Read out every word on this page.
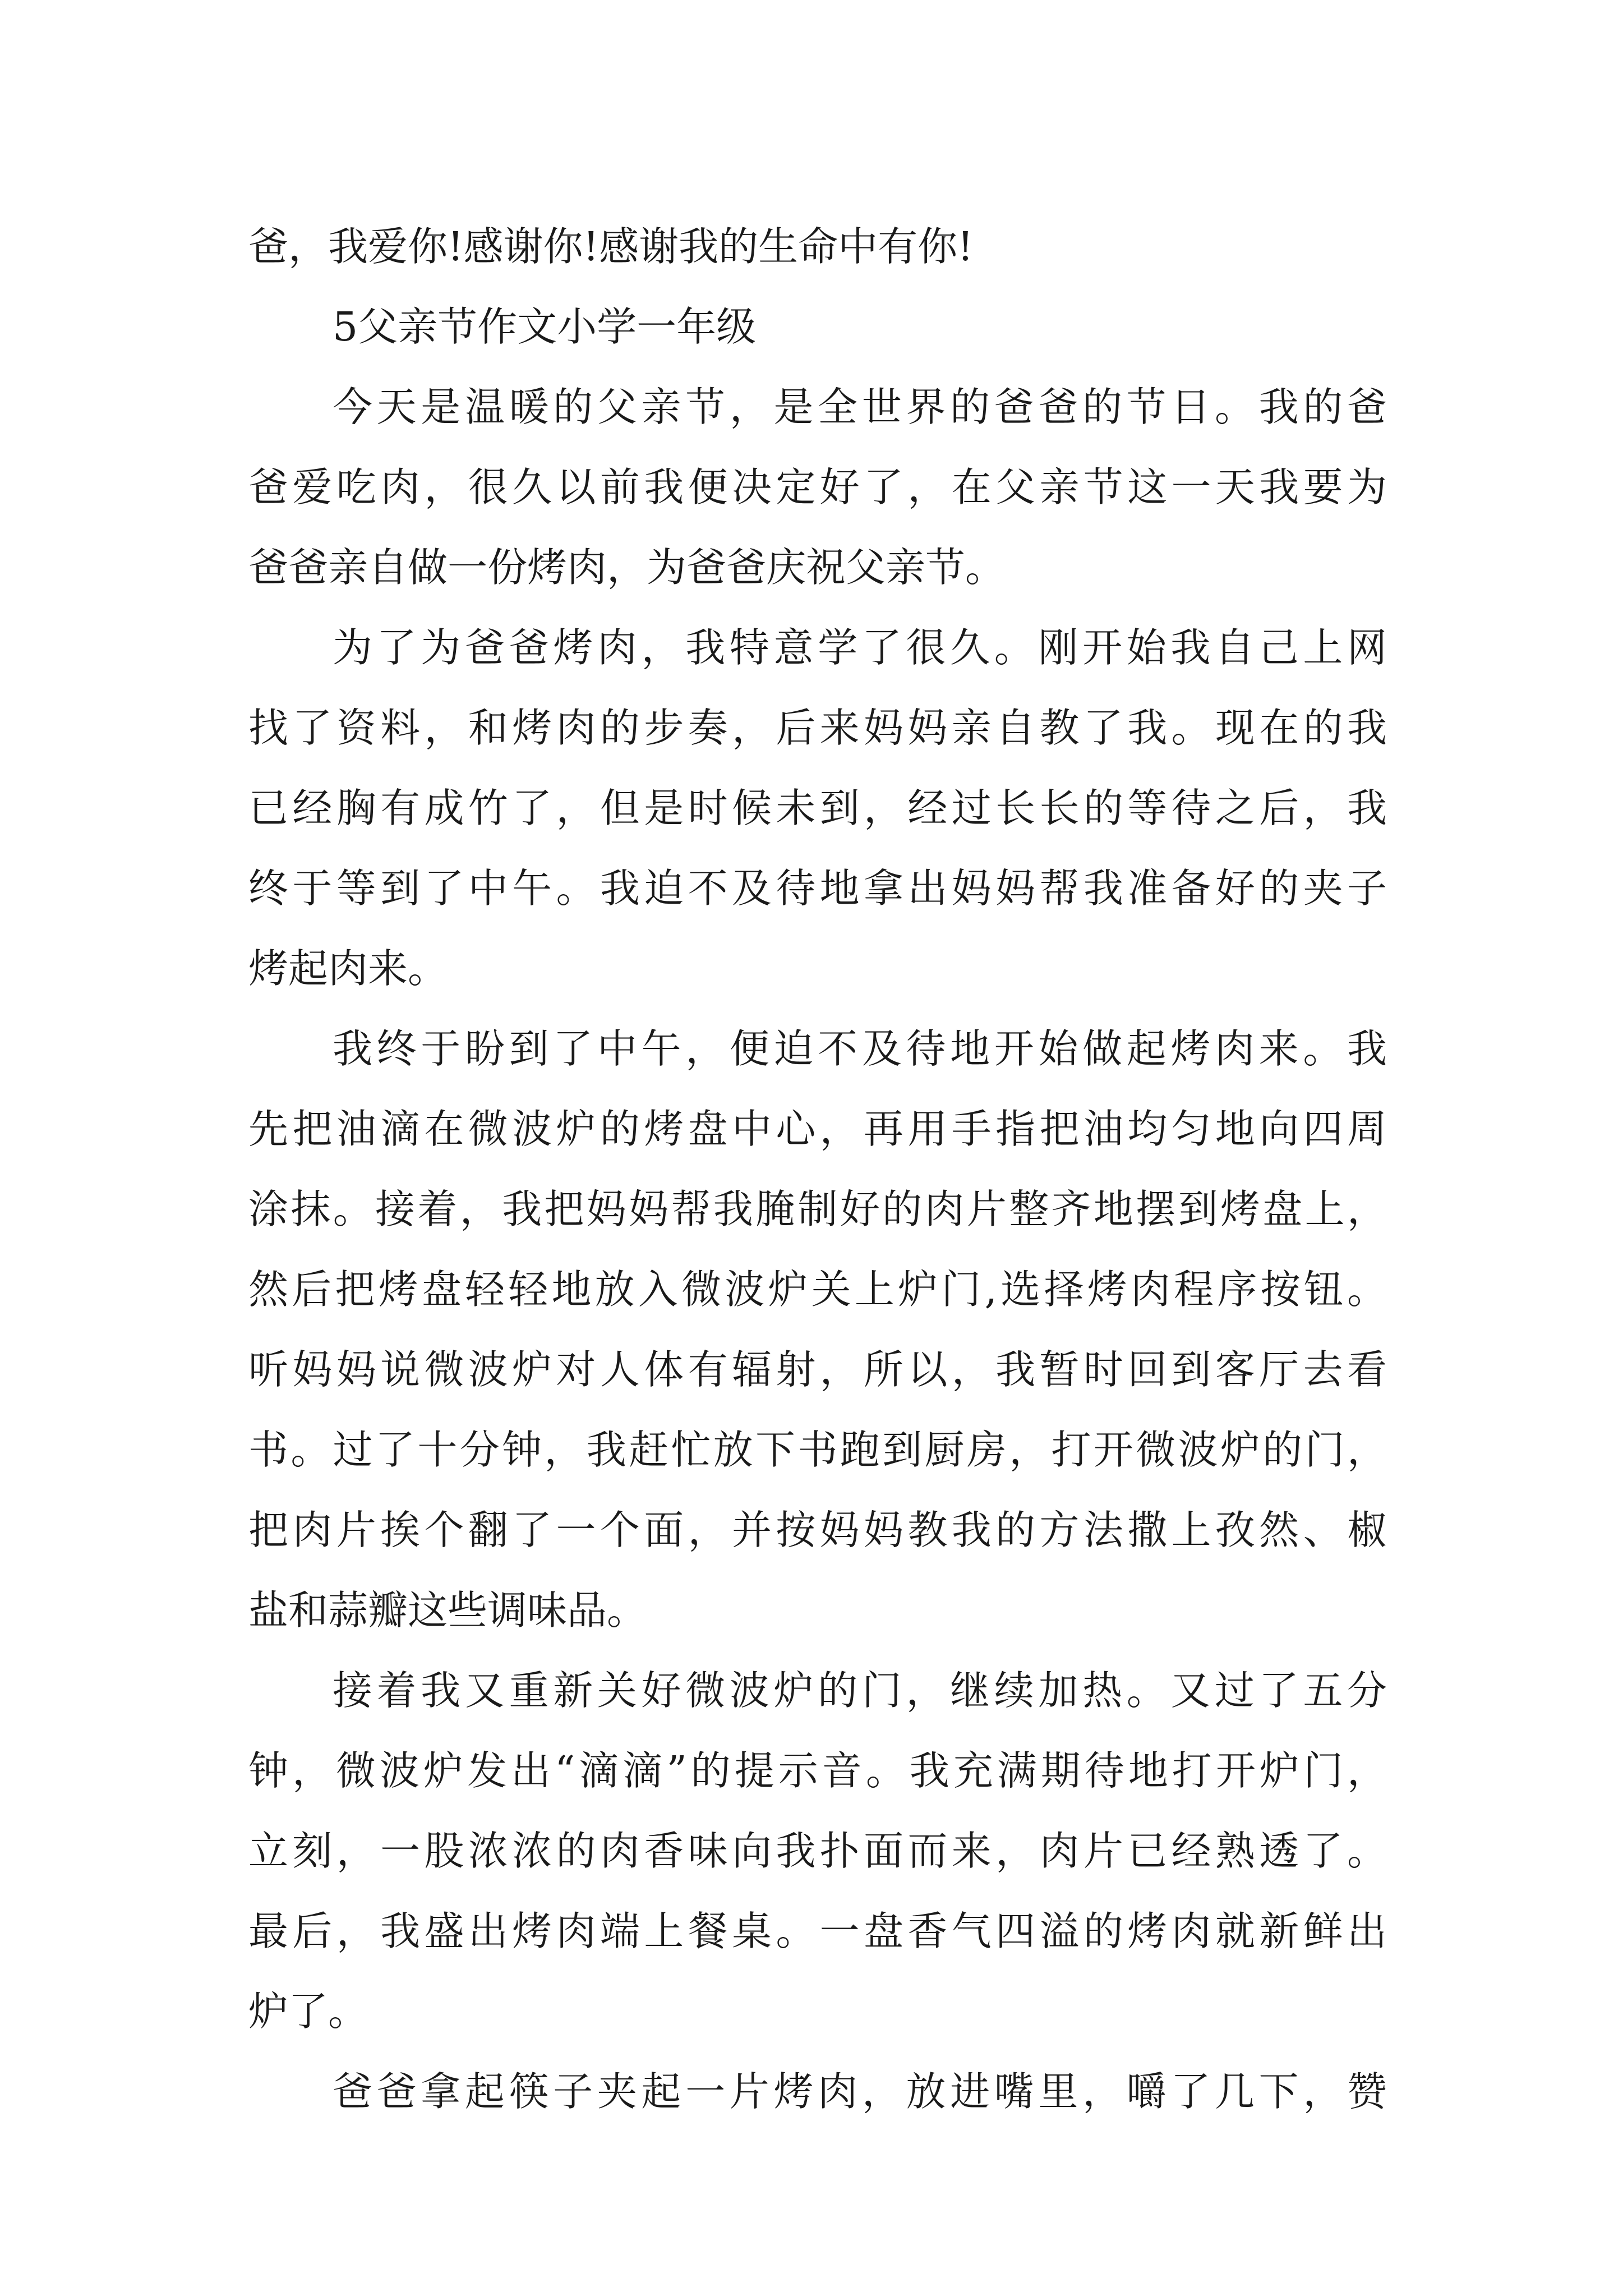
爸，我爱你!感谢你!感谢我的生命中有你!
5父亲节作文小学一年级
今天是温暖的父亲节，是全世界的爸爸的节日。我的爸
爸爱吃肉，很久以前我便决定好了，在父亲节这一天我要为
爸爸亲自做一份烤肉，为爸爸庆祝父亲节。
为了为爸爸烤肉，我特意学了很久。刚开始我自己上网
找了资料，和烤肉的步奏，后来妈妈亲自教了我。现在的我
已经胸有成竹了，但是时候未到，经过长长的等待之后，我
终于等到了中午。我迫不及待地拿出妈妈帮我准备好的夹子
烤起肉来。
我终于盼到了中午，便迫不及待地开始做起烤肉来。我
先把油滴在微波炉的烤盘中心，再用手指把油均匀地向四周
涂抹。接着，我把妈妈帮我腌制好的肉片整齐地摆到烤盘上，
然后把烤盘轻轻地放入微波炉关上炉门,选择烤肉程序按钮。
听妈妈说微波炉对人体有辐射，所以，我暂时回到客厅去看
书。过了十分钟，我赶忙放下书跑到厨房，打开微波炉的门，
把肉片挨个翻了一个面，并按妈妈教我的方法撒上孜然、椒
盐和蒜瓣这些调味品。
接着我又重新关好微波炉的门，继续加热。又过了五分
钟，微波炉发出“滴滴”的提示音。我充满期待地打开炉门，
立刻，一股浓浓的肉香味向我扑面而来，肉片已经熟透了。
最后，我盛出烤肉端上餐桌。一盘香气四溢的烤肉就新鲜出
炉了。
爸爸拿起筷子夹起一片烤肉，放进嘴里，嚼了几下，赞
